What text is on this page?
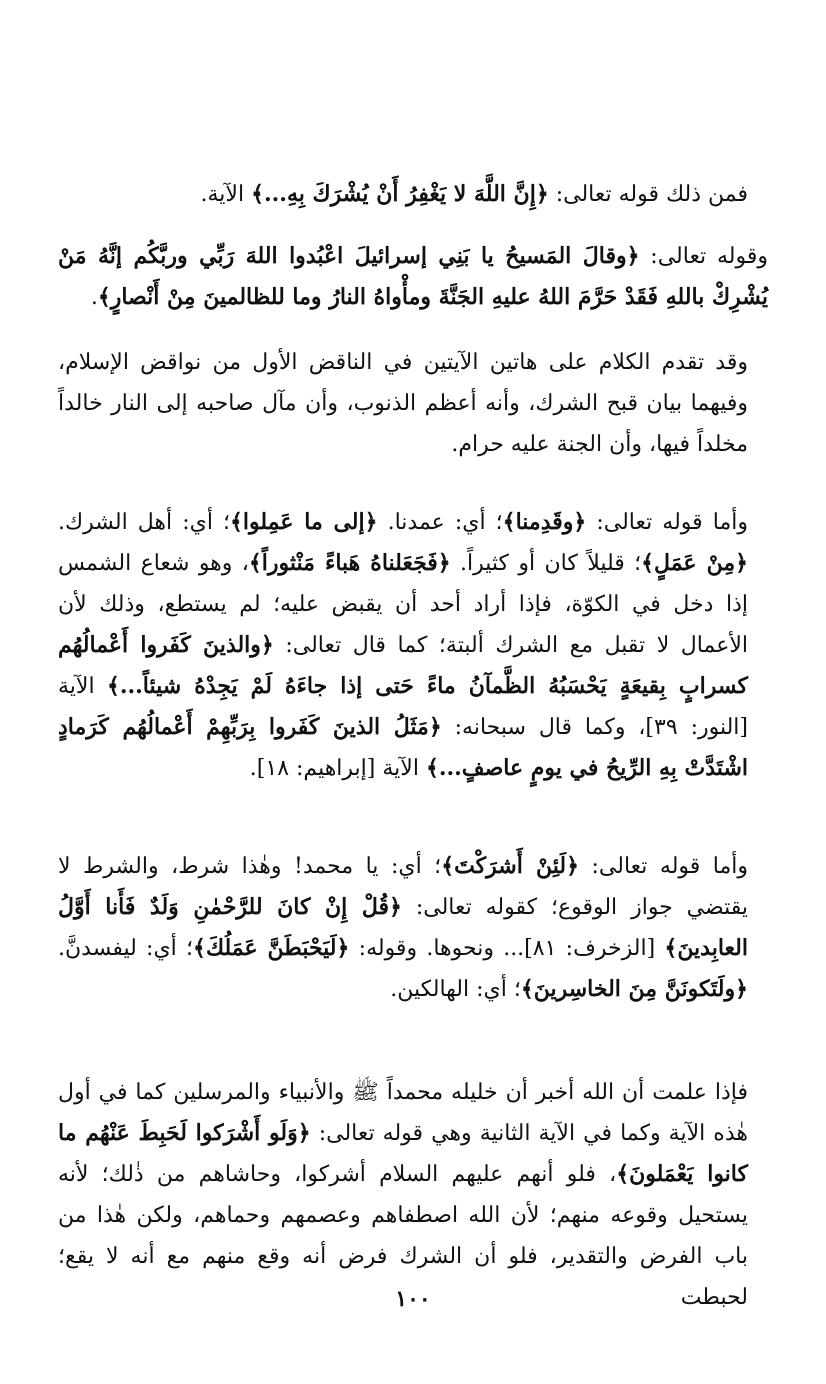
فمن ذلك قوله تعالى: ﴿إِنَّ اللَّهَ لا يَغْفِرُ أَنْ يُشْرَكَ بِهِ...﴾ الآية.

وقوله تعالى: ﴿وقالَ المَسيحُ يا بَنِي إسرائيلَ اعْبُدوا اللهَ رَبِّي وربَّكُم إنَّهُ مَنْ يُشْرِكْ باللهِ فَقَدْ حَرَّمَ اللهُ عليهِ الجَنَّةَ ومأْواهُ النارُ وما للظالمينَ مِنْ أَنْصارٍ﴾.

وقد تقدم الكلام على هاتين الآيتين في الناقض الأول من نواقض الإسلام، وفيهما بيان قبح الشرك، وأنه أعظم الذنوب، وأن مآل صاحبه إلى النار خالداً مخلداً فيها، وأن الجنة عليه حرام.

وأما قوله تعالى: ﴿وقَدِمنا﴾؛ أي: عمدنا. ﴿إلى ما عَمِلوا﴾؛ أي: أهل الشرك. ﴿مِنْ عَمَلٍ﴾؛ قليلاً كان أو كثيراً. ﴿فَجَعَلناهُ هَباءً مَنْثوراً﴾، وهو شعاع الشمس إذا دخل في الكوّة، فإذا أراد أحد أن يقبض عليه؛ لم يستطع، وذلك لأن الأعمال لا تقبل مع الشرك ألبتة؛ كما قال تعالى: ﴿والذينَ كَفَروا أَعْمالُهُم كسرابٍ بِقيعَةٍ يَحْسَبُهُ الظَّمآنُ ماءً حَتى إذا جاءَهُ لَمْ يَجِدْهُ شيئاً...﴾ الآية [النور: ٣٩]، وكما قال سبحانه: ﴿مَثَلُ الذينَ كَفَروا بِرَبِّهِمْ أَعْمالُهُم كَرَمادٍ اشْتَدَّتْ بِهِ الرِّيحُ في يومٍ عاصفٍ...﴾ الآية [إبراهيم: ١٨].

وأما قوله تعالى: ﴿لَئِنْ أَشرَكْتَ﴾؛ أي: يا محمد! وهٰذا شرط، والشرط لا يقتضي جواز الوقوع؛ كقوله تعالى: ﴿قُلْ إِنْ كانَ للرَّحْمٰنِ وَلَدٌ فَأَنا أَوَّلُ العابِدينَ﴾ [الزخرف: ٨١]... ونحوها. وقوله: ﴿لَيَحْبَطَنَّ عَمَلُكَ﴾؛ أي: ليفسدنَّ. ﴿ولَتَكونَنَّ مِنَ الخاسِرينَ﴾؛ أي: الهالكين.

فإذا علمت أن الله أخبر أن خليله محمداً ﷺ والأنبياء والمرسلين كما في أول هٰذه الآية وكما في الآية الثانية وهي قوله تعالى: ﴿وَلَو أَشْرَكوا لَحَبِطَ عَنْهُم ما كانوا يَعْمَلونَ﴾، فلو أنهم عليهم السلام أشركوا، وحاشاهم من ذٰلك؛ لأنه يستحيل وقوعه منهم؛ لأن الله اصطفاهم وعصمهم وحماهم، ولكن هٰذا من باب الفرض والتقدير، فلو أن الشرك فرض أنه وقع منهم مع أنه لا يقع؛ لحبطت

١٠٠
